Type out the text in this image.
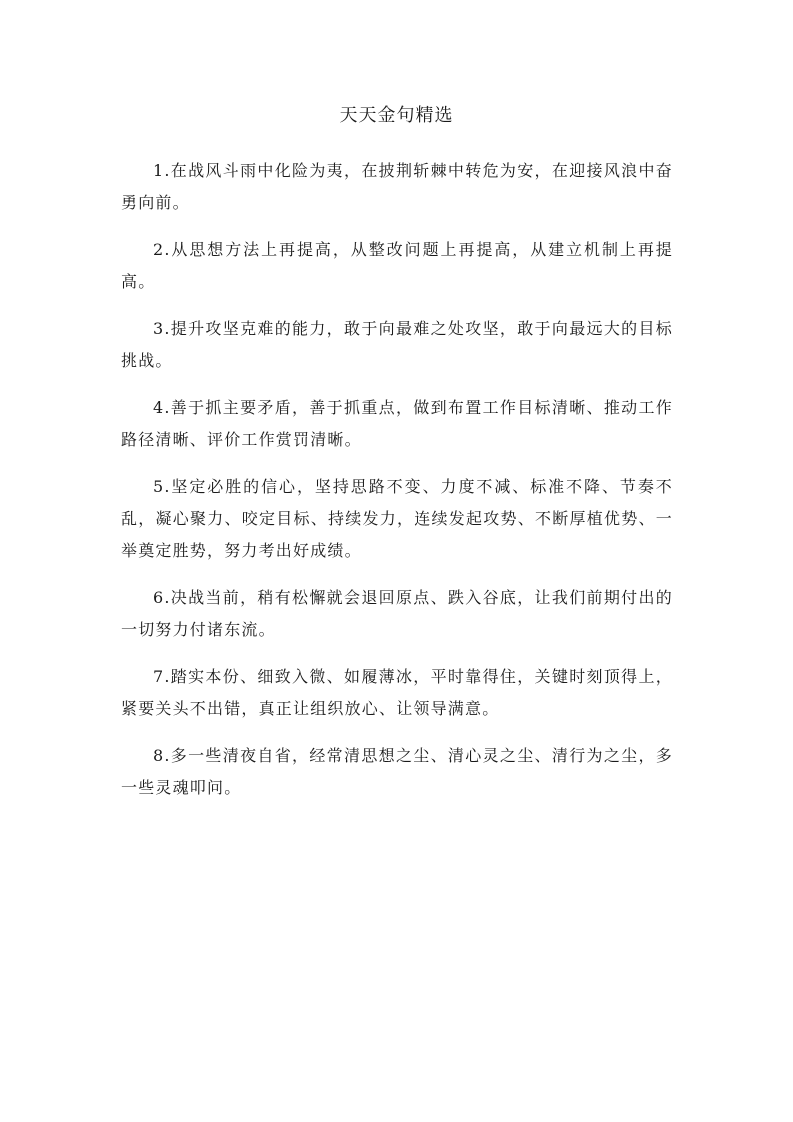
天天金句精选

1.在战风斗雨中化险为夷，在披荆斩棘中转危为安，在迎接风浪中奋勇向前。

2.从思想方法上再提高，从整改问题上再提高，从建立机制上再提高。

3.提升攻坚克难的能力，敢于向最难之处攻坚，敢于向最远大的目标挑战。

4.善于抓主要矛盾，善于抓重点，做到布置工作目标清晰、推动工作路径清晰、评价工作赏罚清晰。

5.坚定必胜的信心，坚持思路不变、力度不减、标准不降、节奏不乱，凝心聚力、咬定目标、持续发力，连续发起攻势、不断厚植优势、一举奠定胜势，努力考出好成绩。

6.决战当前，稍有松懈就会退回原点、跌入谷底，让我们前期付出的一切努力付诸东流。

7.踏实本份、细致入微、如履薄冰，平时靠得住，关键时刻顶得上，紧要关头不出错，真正让组织放心、让领导满意。

8.多一些清夜自省，经常清思想之尘、清心灵之尘、清行为之尘，多一些灵魂叩问。
